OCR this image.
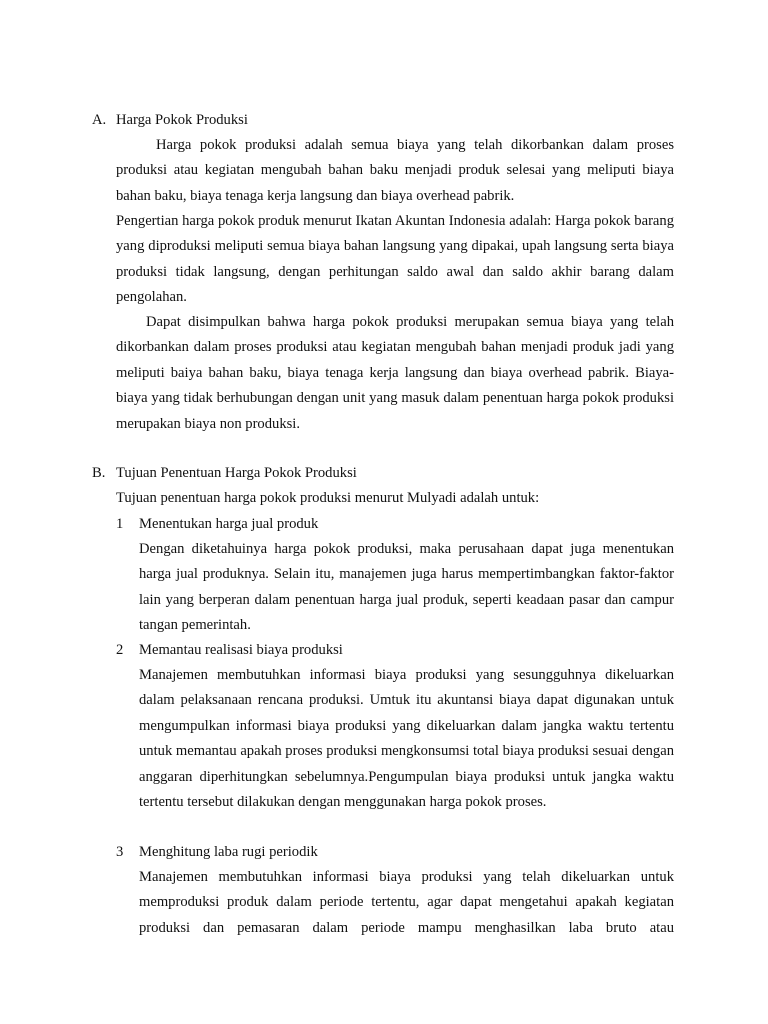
A. Harga Pokok Produksi

Harga pokok produksi adalah semua biaya yang telah dikorbankan dalam proses produksi atau kegiatan mengubah bahan baku menjadi produk selesai yang meliputi biaya bahan baku, biaya tenaga kerja langsung dan biaya overhead pabrik.

Pengertian harga pokok produk menurut Ikatan Akuntan Indonesia adalah: Harga pokok barang yang diproduksi meliputi semua biaya bahan langsung yang dipakai, upah langsung serta biaya produksi tidak langsung, dengan perhitungan saldo awal dan saldo akhir barang dalam pengolahan.

Dapat disimpulkan bahwa harga pokok produksi merupakan semua biaya yang telah dikorbankan dalam proses produksi atau kegiatan mengubah bahan menjadi produk jadi yang meliputi baiya bahan baku, biaya tenaga kerja langsung dan biaya overhead pabrik. Biaya- biaya yang tidak berhubungan dengan unit yang masuk dalam penentuan harga pokok produksi merupakan biaya non produksi.

B. Tujuan Penentuan Harga Pokok Produksi
Tujuan penentuan harga pokok produksi menurut Mulyadi adalah untuk:
1 Menentukan harga jual produk

Dengan diketahuinya harga pokok produksi, maka perusahaan dapat juga menentukan harga jual produknya. Selain itu, manajemen juga harus mempertimbangkan faktor-faktor lain yang berperan dalam penentuan harga jual produk, seperti keadaan pasar dan campur tangan pemerintah.

2 Memantau realisasi biaya produksi

Manajemen membutuhkan informasi biaya produksi yang sesungguhnya dikeluarkan dalam pelaksanaan rencana produksi. Umtuk itu akuntansi biaya dapat digunakan untuk mengumpulkan informasi biaya produksi yang dikeluarkan dalam jangka waktu tertentu untuk memantau apakah proses produksi mengkonsumsi total biaya produksi sesuai dengan anggaran diperhitungkan sebelumnya.Pengumpulan biaya produksi untuk jangka waktu tertentu tersebut dilakukan dengan menggunakan harga pokok proses.

3 Menghitung laba rugi periodik

Manajemen membutuhkan informasi biaya produksi yang telah dikeluarkan untuk memproduksi produk dalam periode tertentu, agar dapat mengetahui apakah kegiatan produksi dan pemasaran dalam periode mampu menghasilkan laba bruto atau
